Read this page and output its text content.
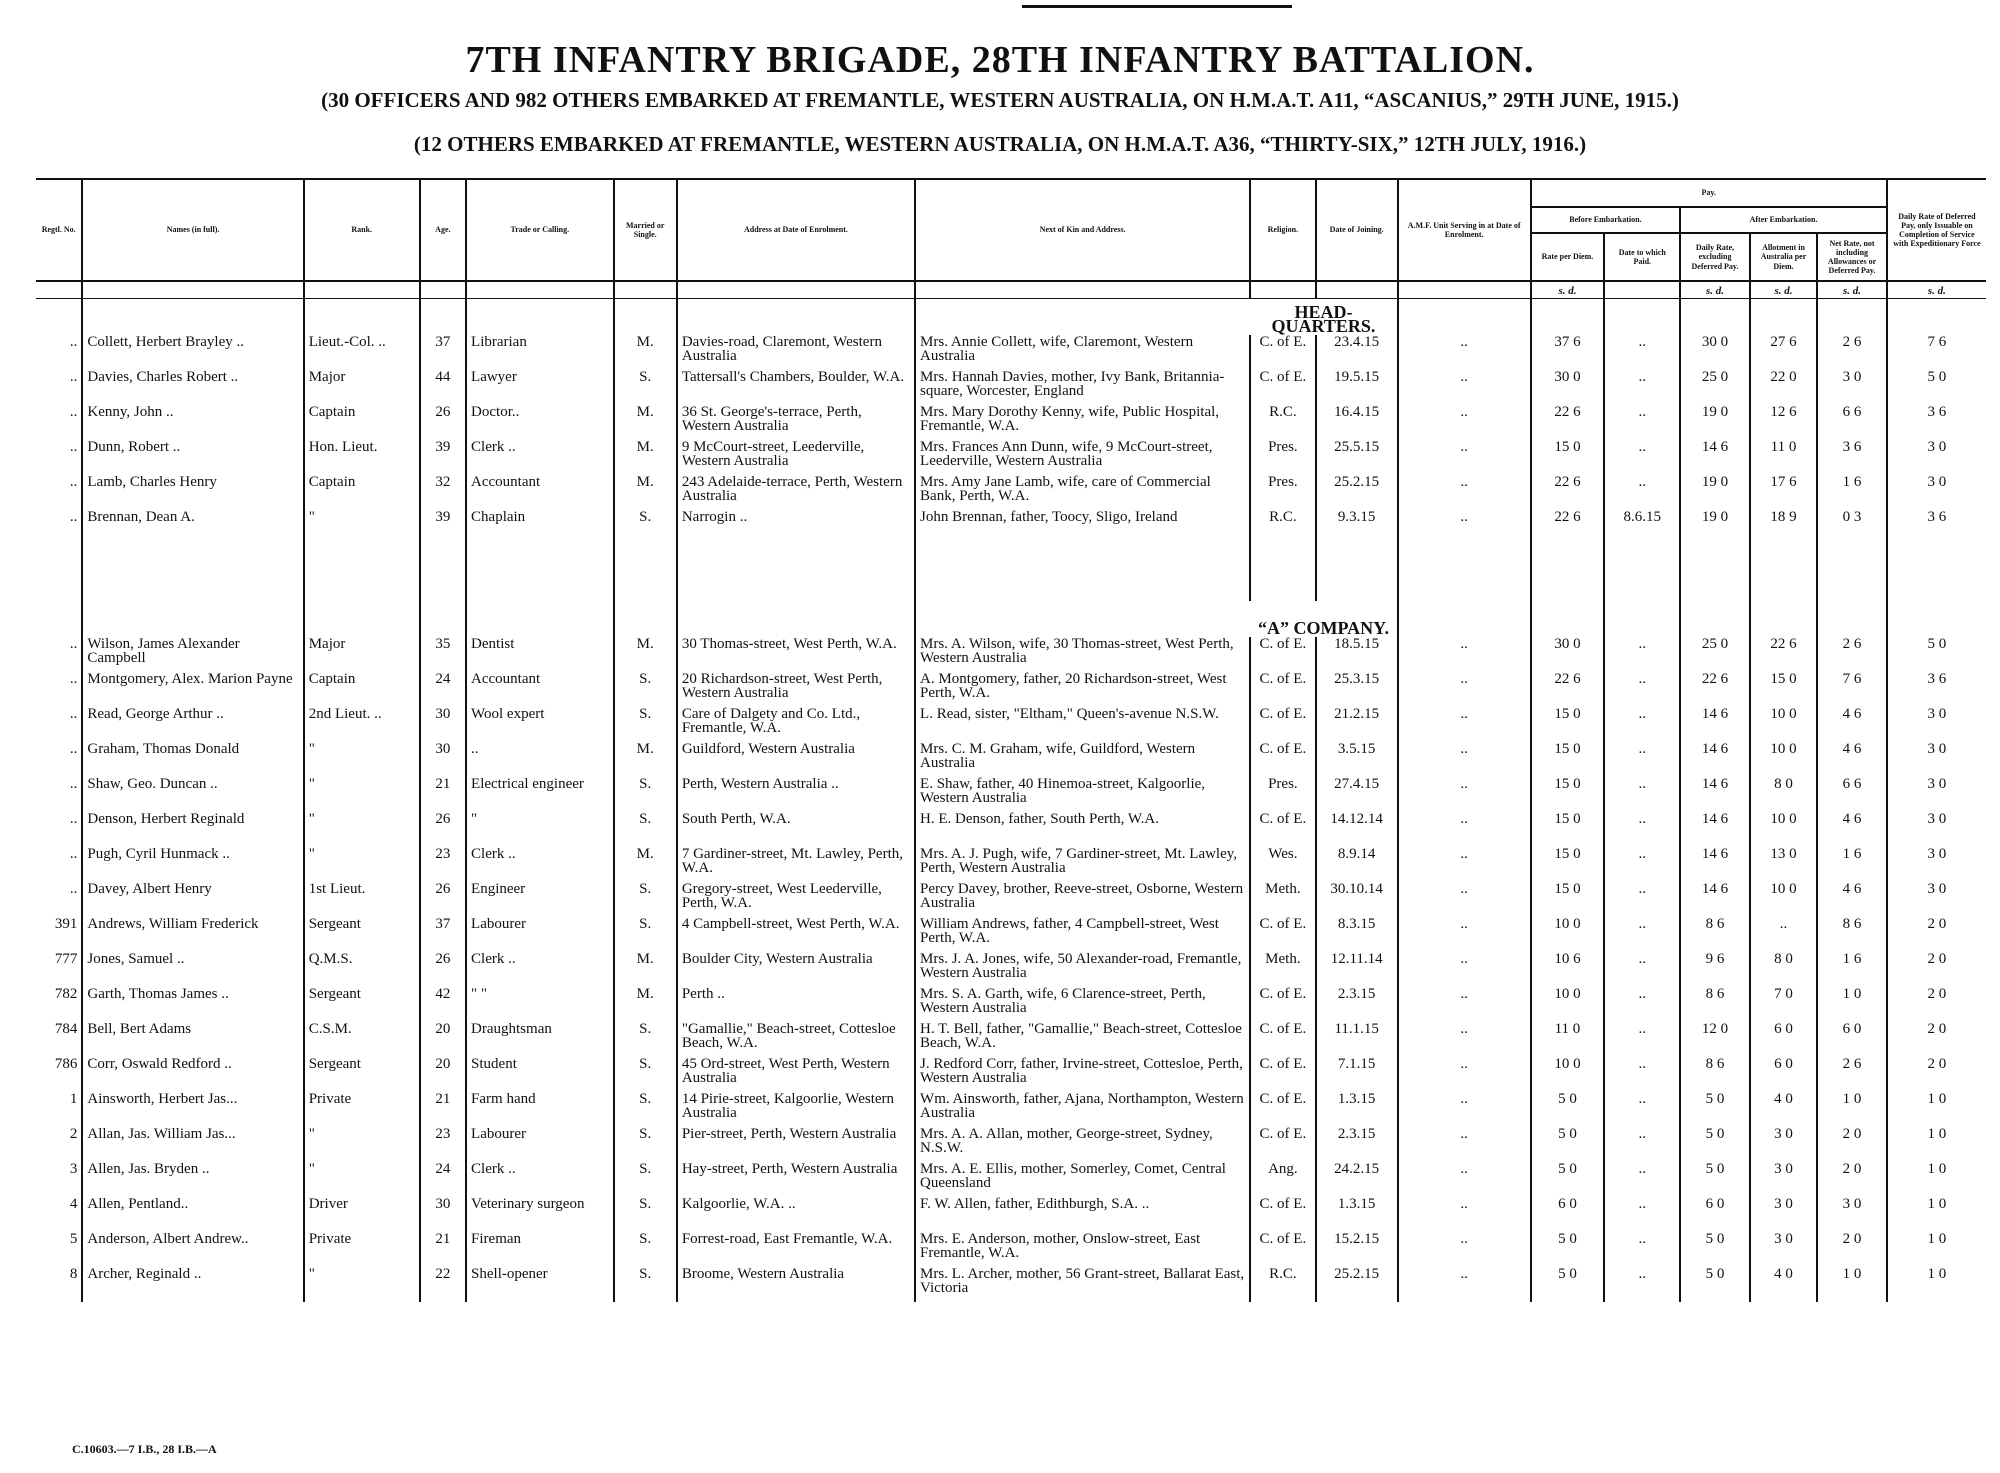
7TH INFANTRY BRIGADE, 28TH INFANTRY BATTALION.
(30 OFFICERS AND 982 OTHERS EMBARKED AT FREMANTLE, WESTERN AUSTRALIA, ON H.M.A.T. A11, “ASCANIUS,” 29TH JUNE, 1915.)
(12 OTHERS EMBARKED AT FREMANTLE, WESTERN AUSTRALIA, ON H.M.A.T. A36, “THIRTY-SIX,” 12TH JULY, 1916.)
Regtl. No.	Names (in full).	Rank.	Age.	Trade or Calling.	Married or Single.	Address at Date of Enrolment.	Next of Kin and Address.	Religion.	Date of Joining.	A.M.F. Unit Serving in at Date of Enrolment.	Pay.					Daily Rate of Deferred Pay, only Issuable on Completion of Service with Expeditionary Force
											Before Embarkation.		After Embarkation.			
											Rate per Diem.	Date to which Paid.	Daily Rate, excluding Deferred Pay.	Allotment in Australia per Diem.	Net Rate, not including Allowances or Deferred Pay.	
											s. d.		s. d.	s. d.	s. d.	s. d.
								HEAD-QUARTERS.								
..	Collett, Herbert Brayley ..	Lieut.-Col. ..	37	Librarian	M.	Davies-road, Claremont, Western Australia	Mrs. Annie Collett, wife, Claremont, Western Australia	C. of E.	23.4.15	..	37 6	..	30 0	27 6	2 6	7 6
..	Davies, Charles Robert ..	Major	44	Lawyer	S.	Tattersall's Chambers, Boulder, W.A.	Mrs. Hannah Davies, mother, Ivy Bank, Britannia-square, Worcester, England	C. of E.	19.5.15	..	30 0	..	25 0	22 0	3 0	5 0
..	Kenny, John ..	Captain	26	Doctor..	M.	36 St. George's-terrace, Perth, Western Australia	Mrs. Mary Dorothy Kenny, wife, Public Hospital, Fremantle, W.A.	R.C.	16.4.15	..	22 6	..	19 0	12 6	6 6	3 6
..	Dunn, Robert ..	Hon. Lieut.	39	Clerk ..	M.	9 McCourt-street, Leederville, Western Australia	Mrs. Frances Ann Dunn, wife, 9 McCourt-street, Leederville, Western Australia	Pres.	25.5.15	..	15 0	..	14 6	11 0	3 6	3 0
..	Lamb, Charles Henry	Captain	32	Accountant	M.	243 Adelaide-terrace, Perth, Western Australia	Mrs. Amy Jane Lamb, wife, care of Commercial Bank, Perth, W.A.	Pres.	25.2.15	..	22 6	..	19 0	17 6	1 6	3 0
..	Brennan, Dean A.	"	39	Chaplain	S.	Narrogin ..	John Brennan, father, Toocy, Sligo, Ireland	R.C.	9.3.15	..	22 6	8.6.15	19 0	18 9	0 3	3 6

								“A” COMPANY.								
..	Wilson, James Alexander Campbell	Major	35	Dentist	M.	30 Thomas-street, West Perth, W.A.	Mrs. A. Wilson, wife, 30 Thomas-street, West Perth, Western Australia	C. of E.	18.5.15	..	30 0	..	25 0	22 6	2 6	5 0
..	Montgomery, Alex. Marion Payne	Captain	24	Accountant	S.	20 Richardson-street, West Perth, Western Australia	A. Montgomery, father, 20 Richardson-street, West Perth, W.A.	C. of E.	25.3.15	..	22 6	..	22 6	15 0	7 6	3 6
..	Read, George Arthur ..	2nd Lieut. ..	30	Wool expert	S.	Care of Dalgety and Co. Ltd., Fremantle, W.A.	L. Read, sister, "Eltham," Queen's-avenue N.S.W.	C. of E.	21.2.15	..	15 0	..	14 6	10 0	4 6	3 0
..	Graham, Thomas Donald	"	30	..	M.	Guildford, Western Australia	Mrs. C. M. Graham, wife, Guildford, Western Australia	C. of E.	3.5.15	..	15 0	..	14 6	10 0	4 6	3 0
..	Shaw, Geo. Duncan ..	"	21	Electrical engineer	S.	Perth, Western Australia ..	E. Shaw, father, 40 Hinemoa-street, Kalgoorlie, Western Australia	Pres.	27.4.15	..	15 0	..	14 6	8 0	6 6	3 0
..	Denson, Herbert Reginald	"	26	"	S.	South Perth, W.A.	H. E. Denson, father, South Perth, W.A.	C. of E.	14.12.14	..	15 0	..	14 6	10 0	4 6	3 0
..	Pugh, Cyril Hunmack ..	"	23	Clerk ..	M.	7 Gardiner-street, Mt. Lawley, Perth, W.A.	Mrs. A. J. Pugh, wife, 7 Gardiner-street, Mt. Lawley, Perth, Western Australia	Wes.	8.9.14	..	15 0	..	14 6	13 0	1 6	3 0
..	Davey, Albert Henry	1st Lieut.	26	Engineer	S.	Gregory-street, West Leederville, Perth, W.A.	Percy Davey, brother, Reeve-street, Osborne, Western Australia	Meth.	30.10.14	..	15 0	..	14 6	10 0	4 6	3 0
391	Andrews, William Frederick	Sergeant	37	Labourer	S.	4 Campbell-street, West Perth, W.A.	William Andrews, father, 4 Campbell-street, West Perth, W.A.	C. of E.	8.3.15	..	10 0	..	8 6	..	8 6	2 0
777	Jones, Samuel ..	Q.M.S.	26	Clerk ..	M.	Boulder City, Western Australia	Mrs. J. A. Jones, wife, 50 Alexander-road, Fremantle, Western Australia	Meth.	12.11.14	..	10 6	..	9 6	8 0	1 6	2 0
782	Garth, Thomas James ..	Sergeant	42	" "	M.	Perth ..	Mrs. S. A. Garth, wife, 6 Clarence-street, Perth, Western Australia	C. of E.	2.3.15	..	10 0	..	8 6	7 0	1 0	2 0
784	Bell, Bert Adams	C.S.M.	20	Draughtsman	S.	"Gamallie," Beach-street, Cottesloe Beach, W.A.	H. T. Bell, father, "Gamallie," Beach-street, Cottesloe Beach, W.A.	C. of E.	11.1.15	..	11 0	..	12 0	6 0	6 0	2 0
786	Corr, Oswald Redford ..	Sergeant	20	Student	S.	45 Ord-street, West Perth, Western Australia	J. Redford Corr, father, Irvine-street, Cottesloe, Perth, Western Australia	C. of E.	7.1.15	..	10 0	..	8 6	6 0	2 6	2 0
1	Ainsworth, Herbert Jas...	Private	21	Farm hand	S.	14 Pirie-street, Kalgoorlie, Western Australia	Wm. Ainsworth, father, Ajana, Northampton, Western Australia	C. of E.	1.3.15	..	5 0	..	5 0	4 0	1 0	1 0
2	Allan, Jas. William Jas...	"	23	Labourer	S.	Pier-street, Perth, Western Australia	Mrs. A. A. Allan, mother, George-street, Sydney, N.S.W.	C. of E.	2.3.15	..	5 0	..	5 0	3 0	2 0	1 0
3	Allen, Jas. Bryden ..	"	24	Clerk ..	S.	Hay-street, Perth, Western Australia	Mrs. A. E. Ellis, mother, Somerley, Comet, Central Queensland	Ang.	24.2.15	..	5 0	..	5 0	3 0	2 0	1 0
4	Allen, Pentland..	Driver	30	Veterinary surgeon	S.	Kalgoorlie, W.A. ..	F. W. Allen, father, Edithburgh, S.A. ..	C. of E.	1.3.15	..	6 0	..	6 0	3 0	3 0	1 0
5	Anderson, Albert Andrew..	Private	21	Fireman	S.	Forrest-road, East Fremantle, W.A.	Mrs. E. Anderson, mother, Onslow-street, East Fremantle, W.A.	C. of E.	15.2.15	..	5 0	..	5 0	3 0	2 0	1 0
8	Archer, Reginald ..	"	22	Shell-opener	S.	Broome, Western Australia	Mrs. L. Archer, mother, 56 Grant-street, Ballarat East, Victoria	R.C.	25.2.15	..	5 0	..	5 0	4 0	1 0	1 0
C.10603.—7 I.B., 28 I.B.—A
